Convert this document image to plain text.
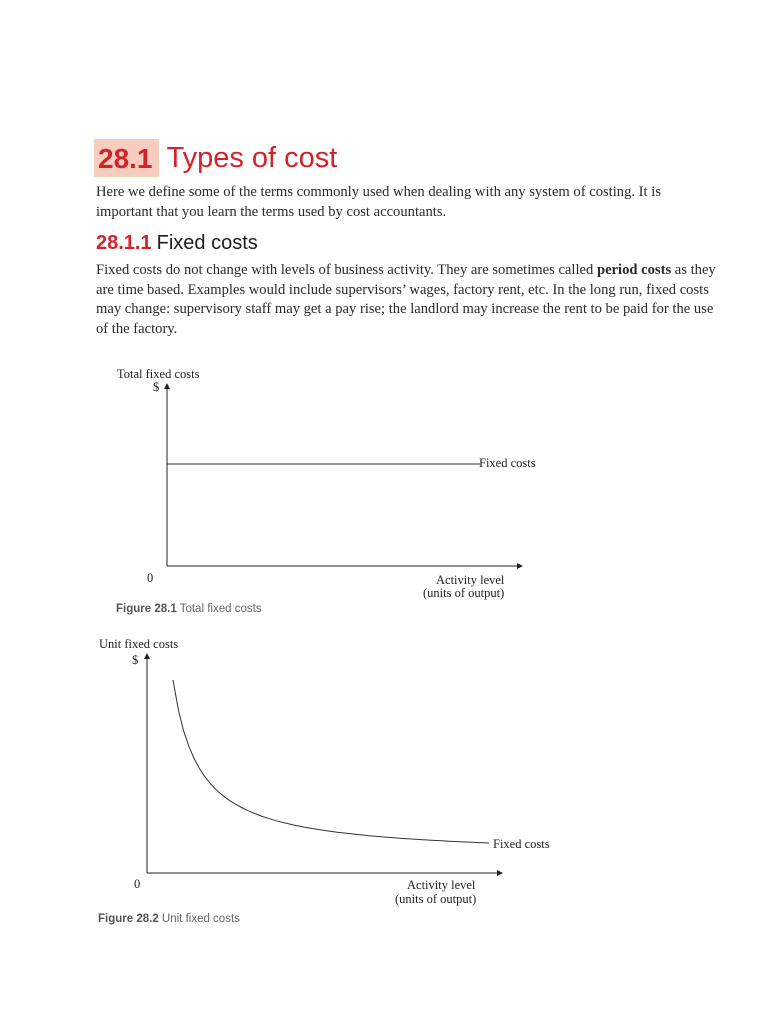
28.1 Types of cost

Here we define some of the terms commonly used when dealing with any system of costing. It is important that you learn the terms used by cost accountants.

28.1.1 Fixed costs

Fixed costs do not change with levels of business activity. They are sometimes called period costs as they are time based. Examples would include supervisors’ wages, factory rent, etc. In the long run, fixed costs may change: supervisory staff may get a pay rise; the landlord may increase the rent to be paid for the use of the factory.

Total fixed costs
$
0
Fixed costs
Activity level
(units of output)
Unit fixed costs
$
0
Fixed costs
Activity level
(units of output)
Figure 28.1 Total fixed costs
Figure 28.2 Unit fixed costs
